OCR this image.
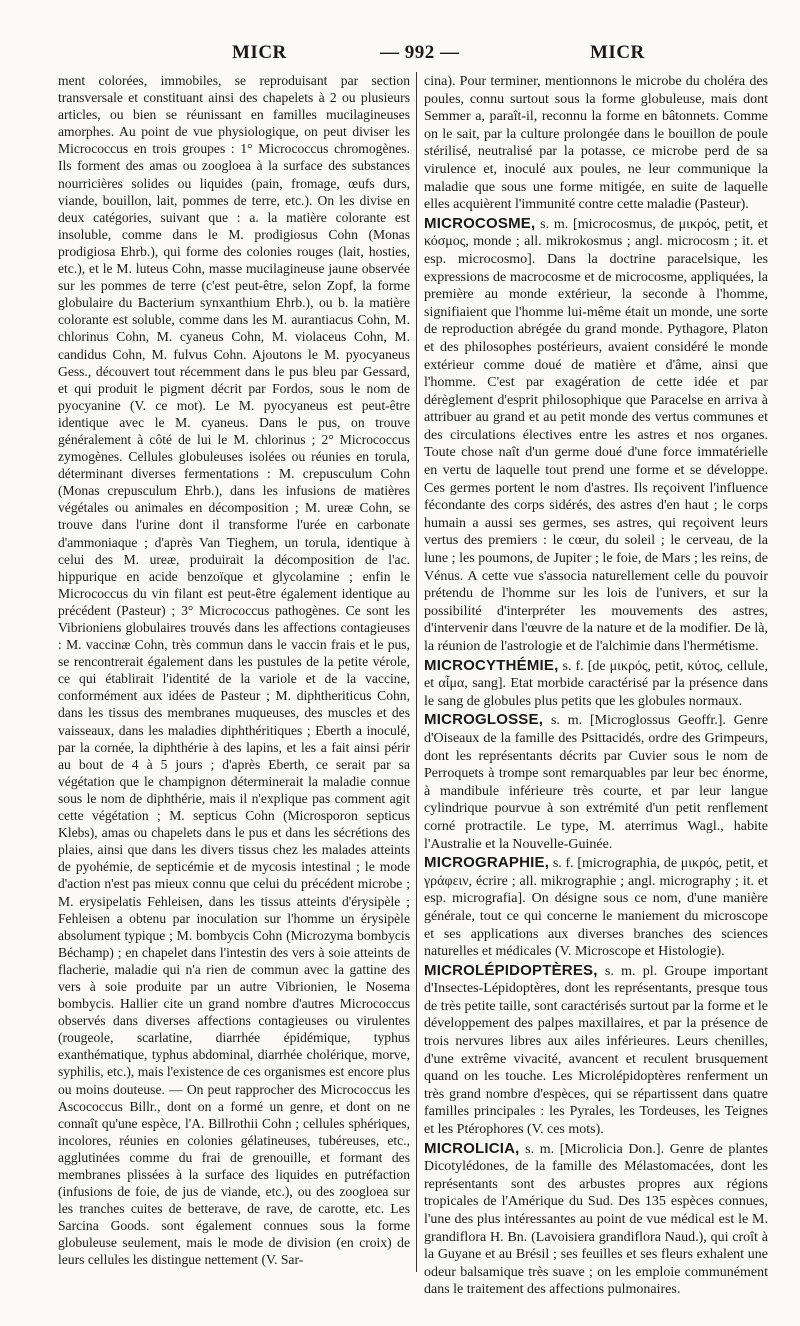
MICR	— 992 —	MICR

ment colorées, immobiles, se reproduisant par section transversale et constituant ainsi des chapelets à 2 ou plusieurs articles, ou bien se réunissant en familles mucilagineuses amorphes. Au point de vue physiologique, on peut diviser les Micrococcus en trois groupes : 1° Micrococcus chromogènes. Ils forment des amas ou zoogloea à la surface des substances nourricières solides ou liquides (pain, fromage, œufs durs, viande, bouillon, lait, pommes de terre, etc.). On les divise en deux catégories, suivant que : a. la matière colorante est insoluble, comme dans le M. prodigiosus Cohn (Monas prodigiosa Ehrb.), qui forme des colonies rouges (lait, hosties, etc.), et le M. luteus Cohn, masse mucilagineuse jaune observée sur les pommes de terre (c'est peut-être, selon Zopf, la forme globulaire du Bacterium synxanthium Ehrb.), ou b. la matière colorante est soluble, comme dans les M. aurantiacus Cohn, M. chlorinus Cohn, M. cyaneus Cohn, M. violaceus Cohn, M. candidus Cohn, M. fulvus Cohn. Ajoutons le M. pyocyaneus Gess., découvert tout récemment dans le pus bleu par Gessard, et qui produit le pigment décrit par Fordos, sous le nom de pyocyanine (V. ce mot). Le M. pyocyaneus est peut-être identique avec le M. cyaneus. Dans le pus, on trouve généralement à côté de lui le M. chlorinus ; 2° Micrococcus zymogènes. Cellules globuleuses isolées ou réunies en torula, déterminant diverses fermentations : M. crepusculum Cohn (Monas crepusculum Ehrb.), dans les infusions de matières végétales ou animales en décomposition ; M. ureæ Cohn, se trouve dans l'urine dont il transforme l'urée en carbonate d'ammoniaque ; d'après Van Tieghem, un torula, identique à celui des M. ureæ, produirait la décomposition de l'ac. hippurique en acide benzoïque et glycolamine ; enfin le Micrococcus du vin filant est peut-être également identique au précédent (Pasteur) ; 3° Micrococcus pathogènes. Ce sont les Vibrioniens globulaires trouvés dans les affections contagieuses : M. vaccinæ Cohn, très commun dans le vaccin frais et le pus, se rencontrerait également dans les pustules de la petite vérole, ce qui établirait l'identité de la variole et de la vaccine, conformément aux idées de Pasteur ; M. diphtheriticus Cohn, dans les tissus des membranes muqueuses, des muscles et des vaisseaux, dans les maladies diphthéritiques ; Eberth a inoculé, par la cornée, la diphthérie à des lapins, et les a fait ainsi périr au bout de 4 à 5 jours ; d'après Eberth, ce serait par sa végétation que le champignon déterminerait la maladie connue sous le nom de diphthérie, mais il n'explique pas comment agit cette végétation ; M. septicus Cohn (Microsporon septicus Klebs), amas ou chapelets dans le pus et dans les sécrétions des plaies, ainsi que dans les divers tissus chez les malades atteints de pyohémie, de septicémie et de mycosis intestinal ; le mode d'action n'est pas mieux connu que celui du précédent microbe ; M. erysipelatis Fehleisen, dans les tissus atteints d'érysipèle ; Fehleisen a obtenu par inoculation sur l'homme un érysipèle absolument typique ; M. bombycis Cohn (Microzyma bombycis Béchamp) ; en chapelet dans l'intestin des vers à soie atteints de flacherie, maladie qui n'a rien de commun avec la gattine des vers à soie produite par un autre Vibrionien, le Nosema bombycis. Hallier cite un grand nombre d'autres Micrococcus observés dans diverses affections contagieuses ou virulentes (rougeole, scarlatine, diarrhée épidémique, typhus exanthématique, typhus abdominal, diarrhée cholérique, morve, syphilis, etc.), mais l'existence de ces organismes est encore plus ou moins douteuse. — On peut rapprocher des Micrococcus les Ascococcus Billr., dont on a formé un genre, et dont on ne connaît qu'une espèce, l'A. Billrothii Cohn ; cellules sphériques, incolores, réunies en colonies gélatineuses, tubéreuses, etc., agglutinées comme du frai de grenouille, et formant des membranes plissées à la surface des liquides en putréfaction (infusions de foie, de jus de viande, etc.), ou des zoogloea sur les tranches cuites de betterave, de rave, de carotte, etc. Les Sarcina Goods. sont également connues sous la forme globuleuse seulement, mais le mode de division (en croix) de leurs cellules les distingue nettement (V. Sar-

cina). Pour terminer, mentionnons le microbe du choléra des poules, connu surtout sous la forme globuleuse, mais dont Semmer a, paraît-il, reconnu la forme en bâtonnets. Comme on le sait, par la culture prolongée dans le bouillon de poule stérilisé, neutralisé par la potasse, ce microbe perd de sa virulence et, inoculé aux poules, ne leur communique la maladie que sous une forme mitigée, en suite de laquelle elles acquièrent l'immunité contre cette maladie (Pasteur).

MICROCOSME, s. m. [microcosmus, de μικρός, petit, et κόσμος, monde ; all. mikrokosmus ; angl. microcosm ; it. et esp. microcosmo]. Dans la doctrine paracelsique, les expressions de macrocosme et de microcosme, appliquées, la première au monde extérieur, la seconde à l'homme, signifiaient que l'homme lui-même était un monde, une sorte de reproduction abrégée du grand monde. Pythagore, Platon et des philosophes postérieurs, avaient considéré le monde extérieur comme doué de matière et d'âme, ainsi que l'homme. C'est par exagération de cette idée et par dérèglement d'esprit philosophique que Paracelse en arriva à attribuer au grand et au petit monde des vertus communes et des circulations électives entre les astres et nos organes. Toute chose naît d'un germe doué d'une force immatérielle en vertu de laquelle tout prend une forme et se développe. Ces germes portent le nom d'astres. Ils reçoivent l'influence fécondante des corps sidérés, des astres d'en haut ; le corps humain a aussi ses germes, ses astres, qui reçoivent leurs vertus des premiers : le cœur, du soleil ; le cerveau, de la lune ; les poumons, de Jupiter ; le foie, de Mars ; les reins, de Vénus. A cette vue s'associa naturellement celle du pouvoir prétendu de l'homme sur les lois de l'univers, et sur la possibilité d'interpréter les mouvements des astres, d'intervenir dans l'œuvre de la nature et de la modifier. De là, la réunion de l'astrologie et de l'alchimie dans l'hermétisme.

MICROCYTHÉMIE, s. f. [de μικρός, petit, κύτος, cellule, et αἷμα, sang]. Etat morbide caractérisé par la présence dans le sang de globules plus petits que les globules normaux.

MICROGLOSSE, s. m. [Microglossus Geoffr.]. Genre d'Oiseaux de la famille des Psittacidés, ordre des Grimpeurs, dont les représentants décrits par Cuvier sous le nom de Perroquets à trompe sont remarquables par leur bec énorme, à mandibule inférieure très courte, et par leur langue cylindrique pourvue à son extrémité d'un petit renflement corné protractile. Le type, M. aterrimus Wagl., habite l'Australie et la Nouvelle-Guinée.

MICROGRAPHIE, s. f. [micrographia, de μικρός, petit, et γράφειν, écrire ; all. mikrographie ; angl. micrography ; it. et esp. micrografia]. On désigne sous ce nom, d'une manière générale, tout ce qui concerne le maniement du microscope et ses applications aux diverses branches des sciences naturelles et médicales (V. Microscope et Histologie).

MICROLÉPIDOPTÈRES, s. m. pl. Groupe important d'Insectes-Lépidoptères, dont les représentants, presque tous de très petite taille, sont caractérisés surtout par la forme et le développement des palpes maxillaires, et par la présence de trois nervures libres aux ailes inférieures. Leurs chenilles, d'une extrême vivacité, avancent et reculent brusquement quand on les touche. Les Microlépidoptères renferment un très grand nombre d'espèces, qui se répartissent dans quatre familles principales : les Pyrales, les Tordeuses, les Teignes et les Ptérophores (V. ces mots).

MICROLICIA, s. m. [Microlicia Don.]. Genre de plantes Dicotylédones, de la famille des Mélastomacées, dont les représentants sont des arbustes propres aux régions tropicales de l'Amérique du Sud. Des 135 espèces connues, l'une des plus intéressantes au point de vue médical est le M. grandiflora H. Bn. (Lavoisiera grandiflora Naud.), qui croît à la Guyane et au Brésil ; ses feuilles et ses fleurs exhalent une odeur balsamique très suave ; on les emploie communément dans le traitement des affections pulmonaires.
